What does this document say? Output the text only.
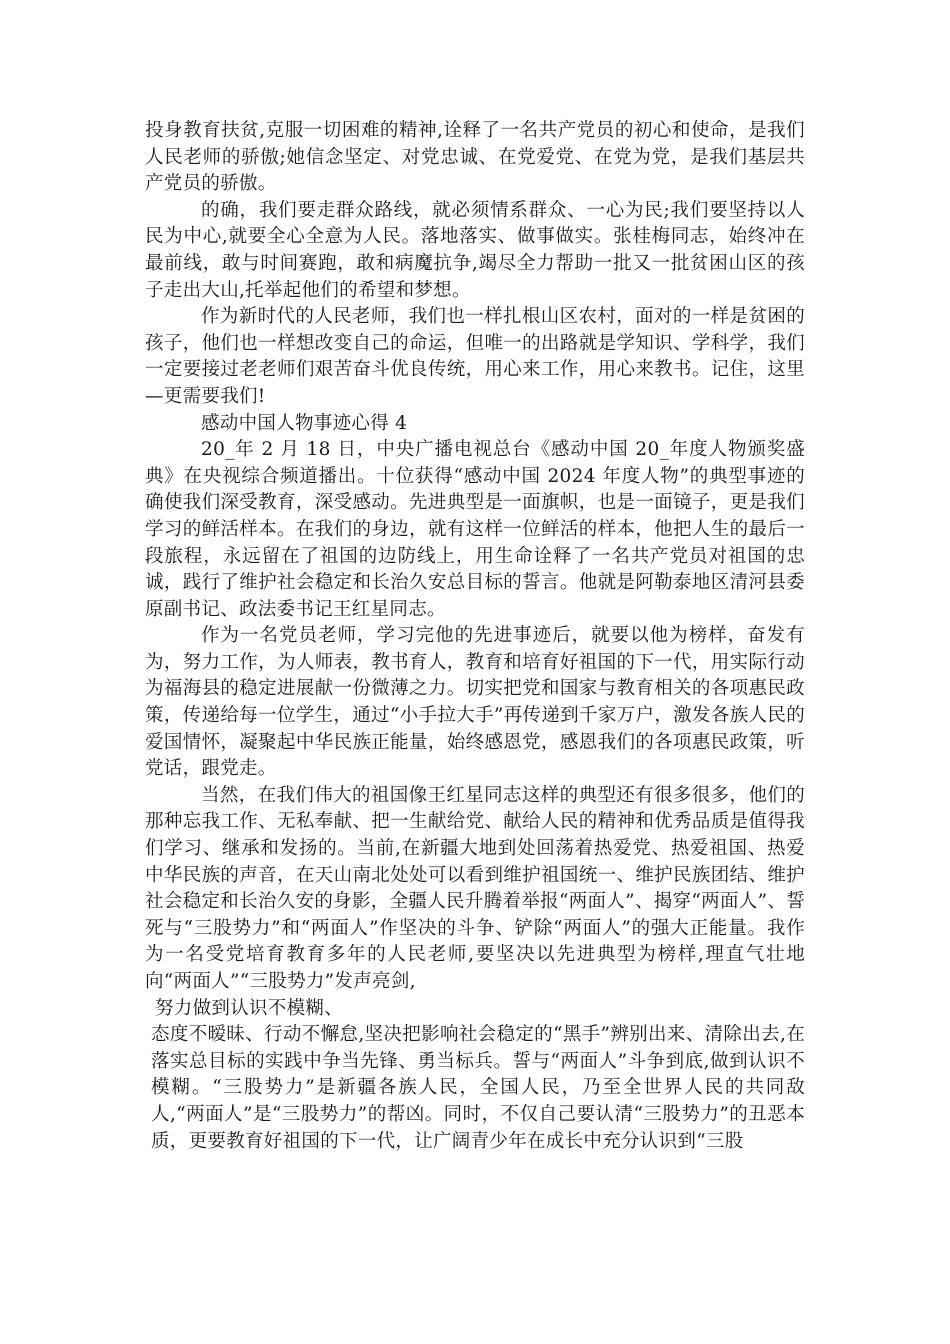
投身教育扶贫,克服一切困难的精神,诠释了一名共产党员的初心和使命，是我们人民老师的骄傲;她信念坚定、对党忠诚、在党爱党、在党为党，是我们基层共产党员的骄傲。

的确，我们要走群众路线，就必须情系群众、一心为民;我们要坚持以人民为中心,就要全心全意为人民。落地落实、做事做实。张桂梅同志，始终冲在最前线，敢与时间赛跑，敢和病魔抗争,竭尽全力帮助一批又一批贫困山区的孩子走出大山,托举起他们的希望和梦想。

作为新时代的人民老师，我们也一样扎根山区农村，面对的一样是贫困的孩子，他们也一样想改变自己的命运，但唯一的出路就是学知识、学科学，我们一定要接过老老师们艰苦奋斗优良传统，用心来工作，用心来教书。记住，这里—更需要我们!

感动中国人物事迹心得 4

20_年 2 月 18 日，中央广播电视总台《感动中国 20_年度人物颁奖盛典》在央视综合频道播出。十位获得“感动中国 2024 年度人物”的典型事迹的确使我们深受教育，深受感动。先进典型是一面旗帜，也是一面镜子，更是我们学习的鲜活样本。在我们的身边，就有这样一位鲜活的样本，他把人生的最后一段旅程，永远留在了祖国的边防线上，用生命诠释了一名共产党员对祖国的忠诚，践行了维护社会稳定和长治久安总目标的誓言。他就是阿勒泰地区清河县委原副书记、政法委书记王红星同志。

作为一名党员老师，学习完他的先进事迹后，就要以他为榜样，奋发有为，努力工作，为人师表，教书育人，教育和培育好祖国的下一代，用实际行动为福海县的稳定进展献一份微薄之力。切实把党和国家与教育相关的各项惠民政策，传递给每一位学生，通过“小手拉大手”再传递到千家万户，激发各族人民的爱国情怀，凝聚起中华民族正能量，始终感恩党，感恩我们的各项惠民政策，听党话，跟党走。

当然，在我们伟大的祖国像王红星同志这样的典型还有很多很多，他们的那种忘我工作、无私奉献、把一生献给党、献给人民的精神和优秀品质是值得我们学习、继承和发扬的。当前,在新疆大地到处回荡着热爱党、热爱祖国、热爱中华民族的声音，在天山南北处处可以看到维护祖国统一、维护民族团结、维护社会稳定和长治久安的身影，全疆人民升腾着举报“两面人”、揭穿“两面人”、誓死与“三股势力”和“两面人”作坚决的斗争、铲除“两面人”的强大正能量。我作为一名受党培育教育多年的人民老师,要坚决以先进典型为榜样,理直气壮地向“两面人”“三股势力”发声亮剑,

努力做到认识不模糊、

态度不暧昧、行动不懈怠,坚决把影响社会稳定的“黑手”辨别出来、清除出去,在落实总目标的实践中争当先锋、勇当标兵。誓与“两面人”斗争到底,做到认识不模糊。“三股势力”是新疆各族人民，全国人民，乃至全世界人民的共同敌人,“两面人”是“三股势力”的帮凶。同时，不仅自己要认清“三股势力”的丑恶本质，更要教育好祖国的下一代，让广阔青少年在成长中充分认识到“三股
